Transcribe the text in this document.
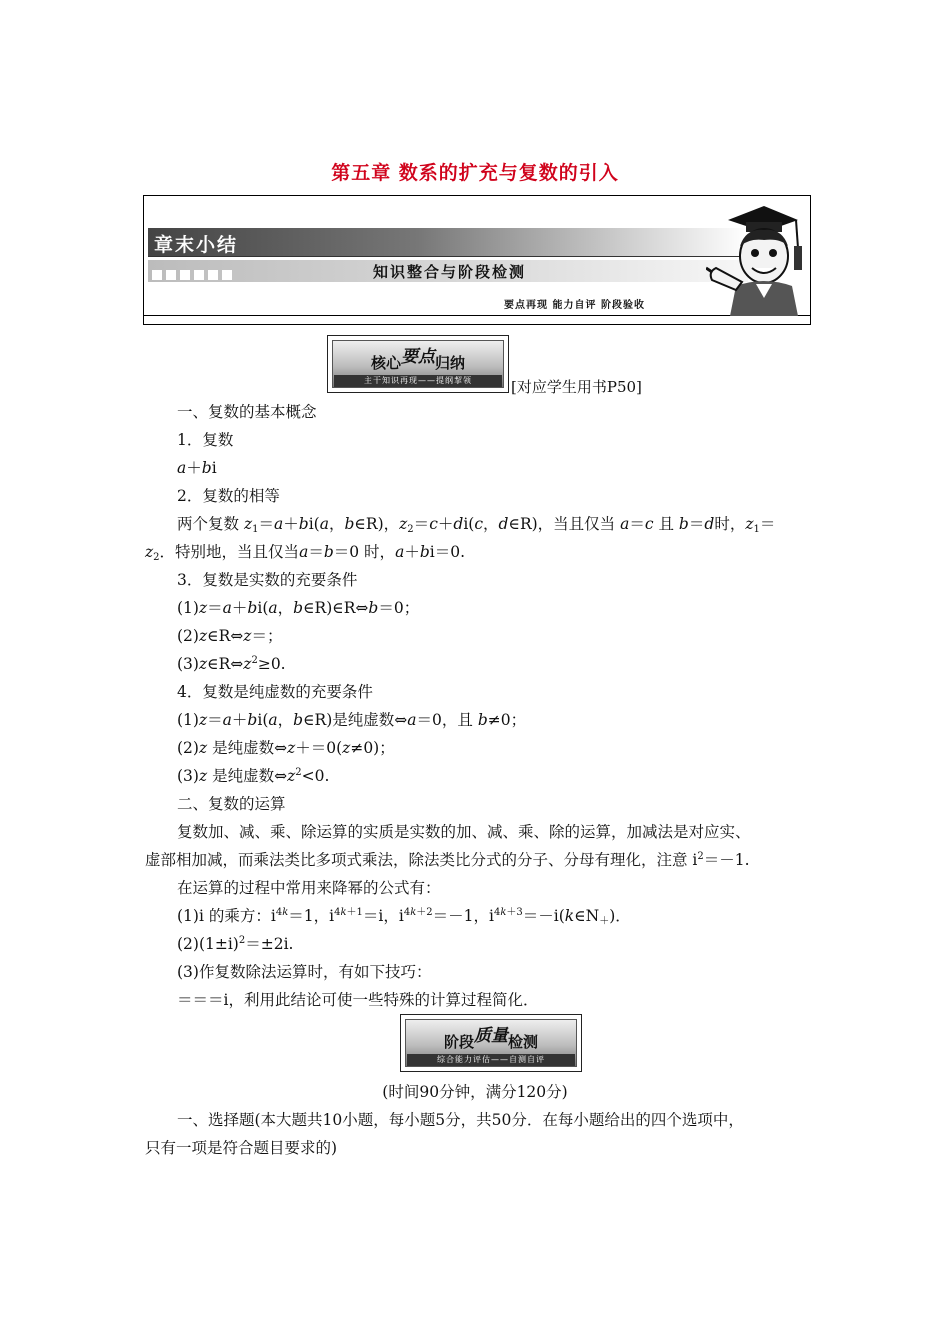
第五章 数系的扩充与复数的引入
章末小结
知识整合与阶段检测
要点再现 能力自评 阶段验收
核心要点归纳
主干知识再现——提纲挈领	[对应学生用书P50]
一、复数的基本概念
1．复数
a＋bi
2．复数的相等
两个复数 $z_1=a+bi(a$，b∈R)，$z_2=c+di(c$，d∈R)，当且仅当 a＝c 且 b＝d时，$z_1=$
$z_2$．特别地，当且仅当a＝b＝0 时，a＋bi＝0.
3．复数是实数的充要条件
(1)z＝a＋bi(a，b∈R)∈R⇔b＝0；
(2)z∈R⇔z＝；
$(3)z\in R\Leftrightarrow z^2\ge 0$.
4．复数是纯虚数的充要条件
(1)z＝a＋bi(a，b∈R)是纯虚数⇔a＝0，且 b≠0；
(2)z 是纯虚数⇔z＋＝0(z≠0)；
(3)z 是纯虚数$\Leftrightarrow z^2<0$.
二、复数的运算
复数加、减、乘、除运算的实质是实数的加、减、乘、除的运算，加减法是对应实、
虚部相加减，而乘法类比多项式乘法，除法类比分式的分子、分母有理化，注意 $i^2=-1$.
在运算的过程中常用来降幂的公式有：
(1)i 的乘方：$i^{4k}=1$，$i^{4k+1}=i$，$i^{4k+2}=-1$，$i^{4k+3}=-i(k\in N_+)$．
$(2)(1\pm i)^2=\pm 2i$.
(3)作复数除法运算时，有如下技巧：
＝＝＝i，利用此结论可使一些特殊的计算过程简化．
阶段质量检测
综合能力评估——自测自评
(时间90分钟，满分120分)
一、选择题(本大题共10小题，每小题5分，共50分．在每小题给出的四个选项中，
只有一项是符合题目要求的)
